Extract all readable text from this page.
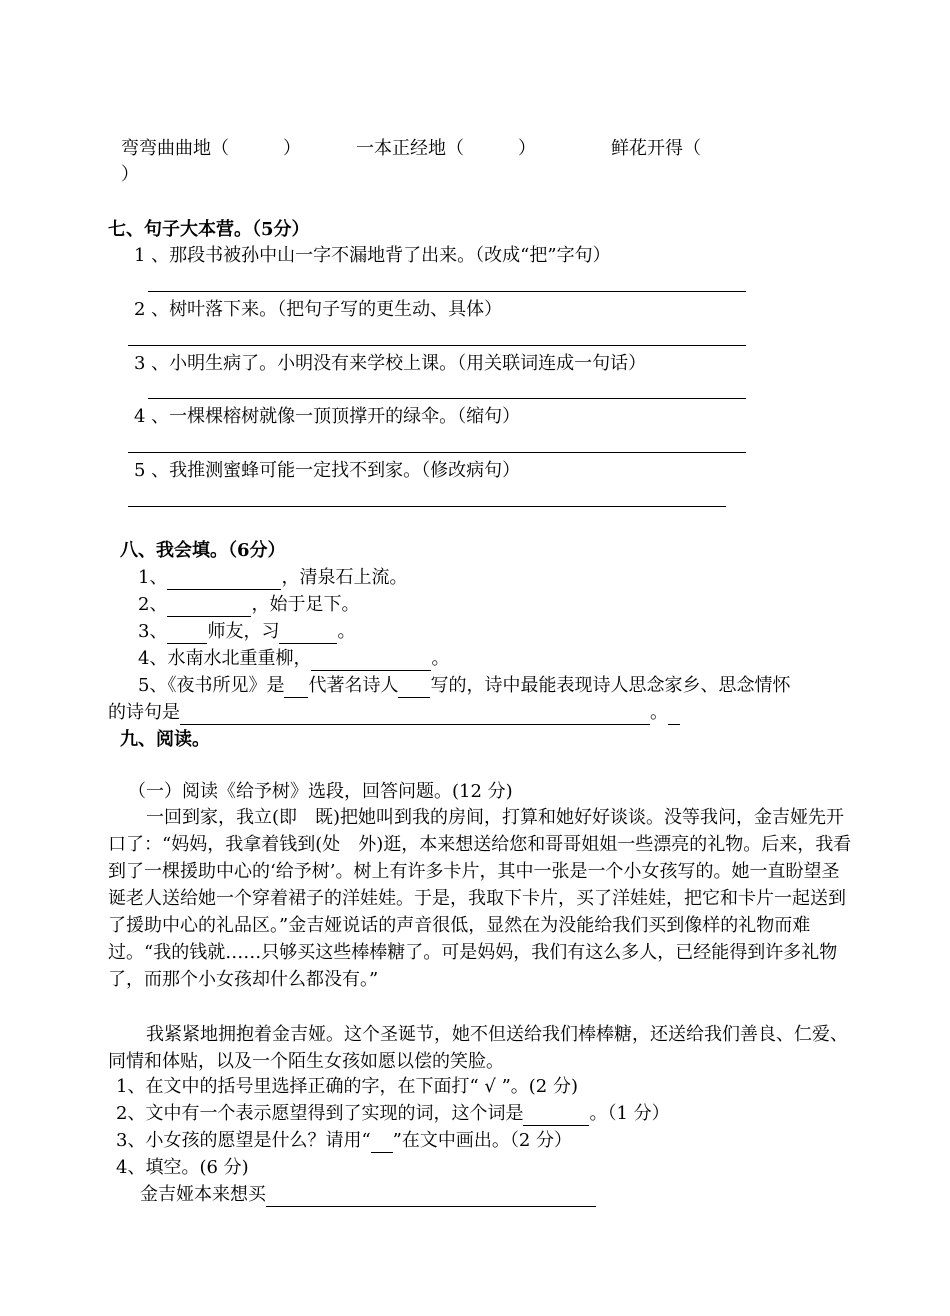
弯弯曲曲地（　　　）	一本正经地（　　　）	鲜花开得（
）
七、句子大本营。（5分）
1 、那段书被孙中山一字不漏地背了出来。（改成“把”字句）
2 、树叶落下来。（把句子写的更生动、具体）
3 、小明生病了。小明没有来学校上课。（用关联词连成一句话）
4 、一棵棵榕树就像一顶顶撑开的绿伞。（缩句）
5 、我推测蜜蜂可能一定找不到家。（修改病句）
八、我会填。（6分）
1、	，清泉石上流。
2、	，始于足下。
3、 师友，习	。
4、水南水北重重柳，	。
5、《夜书所见》是 代著名诗人 写的，诗中最能表现诗人思念家乡、思念情怀
的诗句是	。
九、阅读。
（一）阅读《给予树》选段，回答问题。(12 分)
一回到家，我立(即　既)把她叫到我的房间，打算和她好好谈谈。没等我问，金吉娅先开口了：“妈妈，我拿着钱到(处　外)逛，本来想送给您和哥哥姐姐一些漂亮的礼物。后来，我看到了一棵援助中心的‘给予树’。树上有许多卡片，其中一张是一个小女孩写的。她一直盼望圣诞老人送给她一个穿着裙子的洋娃娃。于是，我取下卡片，买了洋娃娃，把它和卡片一起送到了援助中心的礼品区。”金吉娅说话的声音很低，显然在为没能给我们买到像样的礼物而难过。“我的钱就……只够买这些棒棒糖了。可是妈妈，我们有这么多人，已经能得到许多礼物了，而那个小女孩却什么都没有。”
我紧紧地拥抱着金吉娅。这个圣诞节，她不但送给我们棒棒糖，还送给我们善良、仁爱、同情和体贴，以及一个陌生女孩如愿以偿的笑脸。
1、在文中的括号里选择正确的字，在下面打“ √ ”。(2 分)
2、文中有一个表示愿望得到了实现的词，这个词是	。（1 分）
3、小女孩的愿望是什么？请用“ ”在文中画出。（2 分）
4、填空。(6 分)
金吉娅本来想买
